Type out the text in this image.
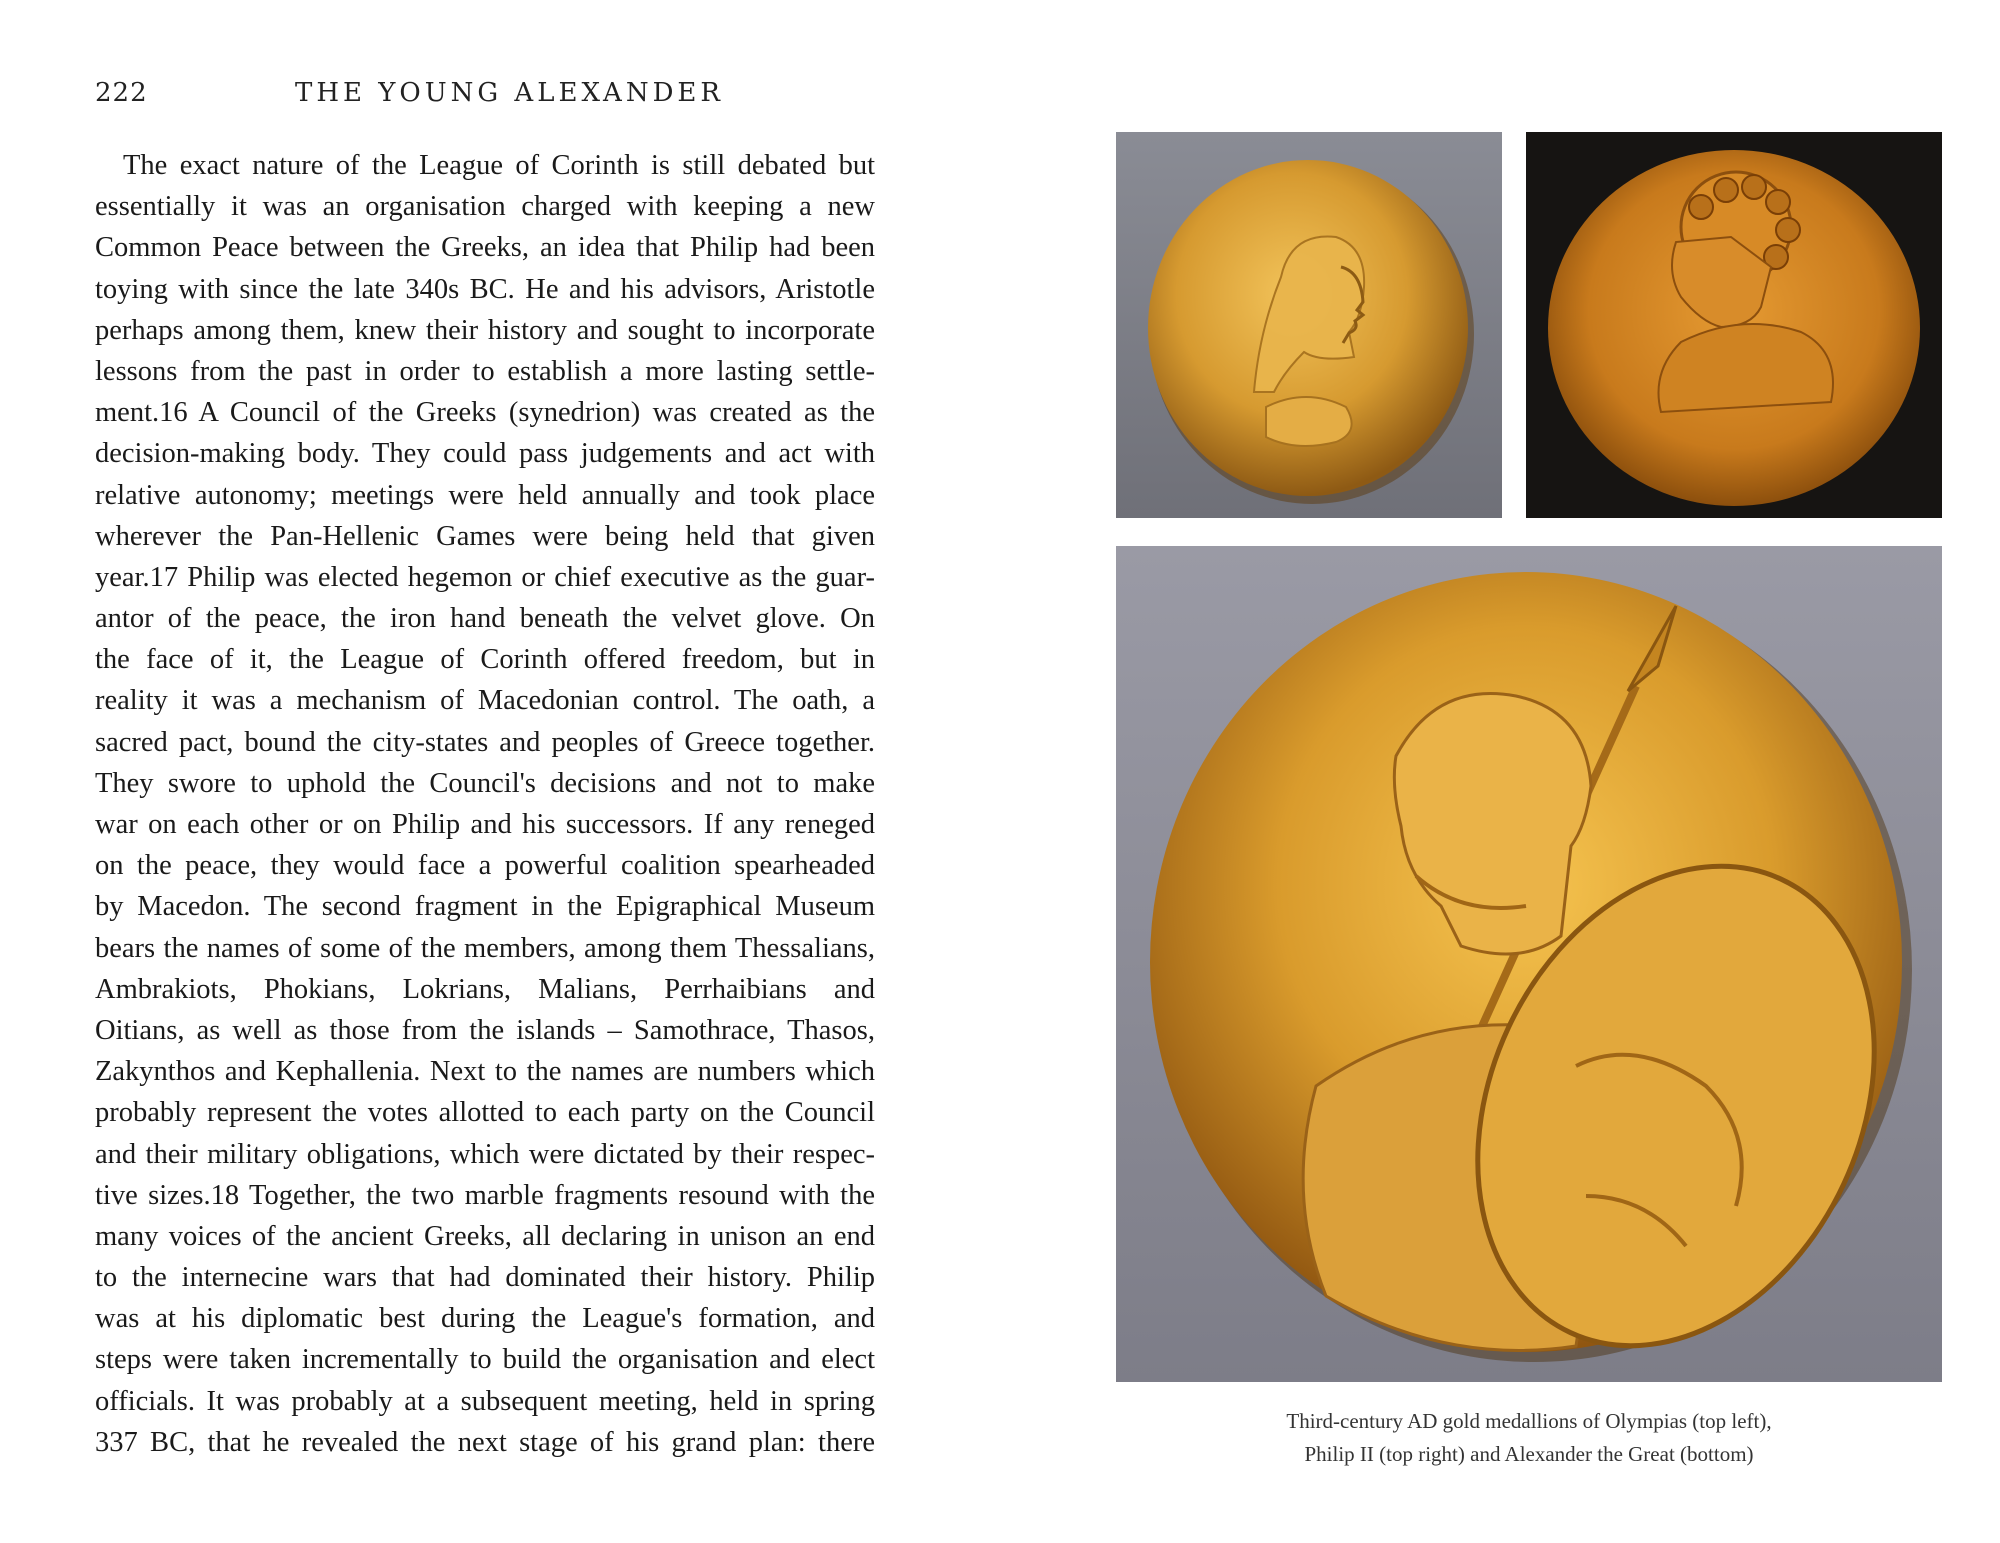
222	THE YOUNG ALEXANDER
The exact nature of the League of Corinth is still debated but
essentially it was an organisation charged with keeping a new
Common Peace between the Greeks, an idea that Philip had been
toying with since the late 340s BC. He and his advisors, Aristotle
perhaps among them, knew their history and sought to incorporate
lessons from the past in order to establish a more lasting settle-
ment.16 A Council of the Greeks (synedrion) was created as the
decision-making body. They could pass judgements and act with
relative autonomy; meetings were held annually and took place
wherever the Pan-Hellenic Games were being held that given
year.17 Philip was elected hegemon or chief executive as the guar-
antor of the peace, the iron hand beneath the velvet glove. On
the face of it, the League of Corinth offered freedom, but in
reality it was a mechanism of Macedonian control. The oath, a
sacred pact, bound the city-states and peoples of Greece together.
They swore to uphold the Council's decisions and not to make
war on each other or on Philip and his successors. If any reneged
on the peace, they would face a powerful coalition spearheaded
by Macedon. The second fragment in the Epigraphical Museum
bears the names of some of the members, among them Thessalians,
Ambrakiots, Phokians, Lokrians, Malians, Perrhaibians and
Oitians, as well as those from the islands – Samothrace, Thasos,
Zakynthos and Kephallenia. Next to the names are numbers which
probably represent the votes allotted to each party on the Council
and their military obligations, which were dictated by their respec-
tive sizes.18 Together, the two marble fragments resound with the
many voices of the ancient Greeks, all declaring in unison an end
to the internecine wars that had dominated their history. Philip
was at his diplomatic best during the League's formation, and
steps were taken incrementally to build the organisation and elect
officials. It was probably at a subsequent meeting, held in spring
337 BC, that he revealed the next stage of his grand plan: there
Third-century AD gold medallions of Olympias (top left),
Philip II (top right) and Alexander the Great (bottom)
